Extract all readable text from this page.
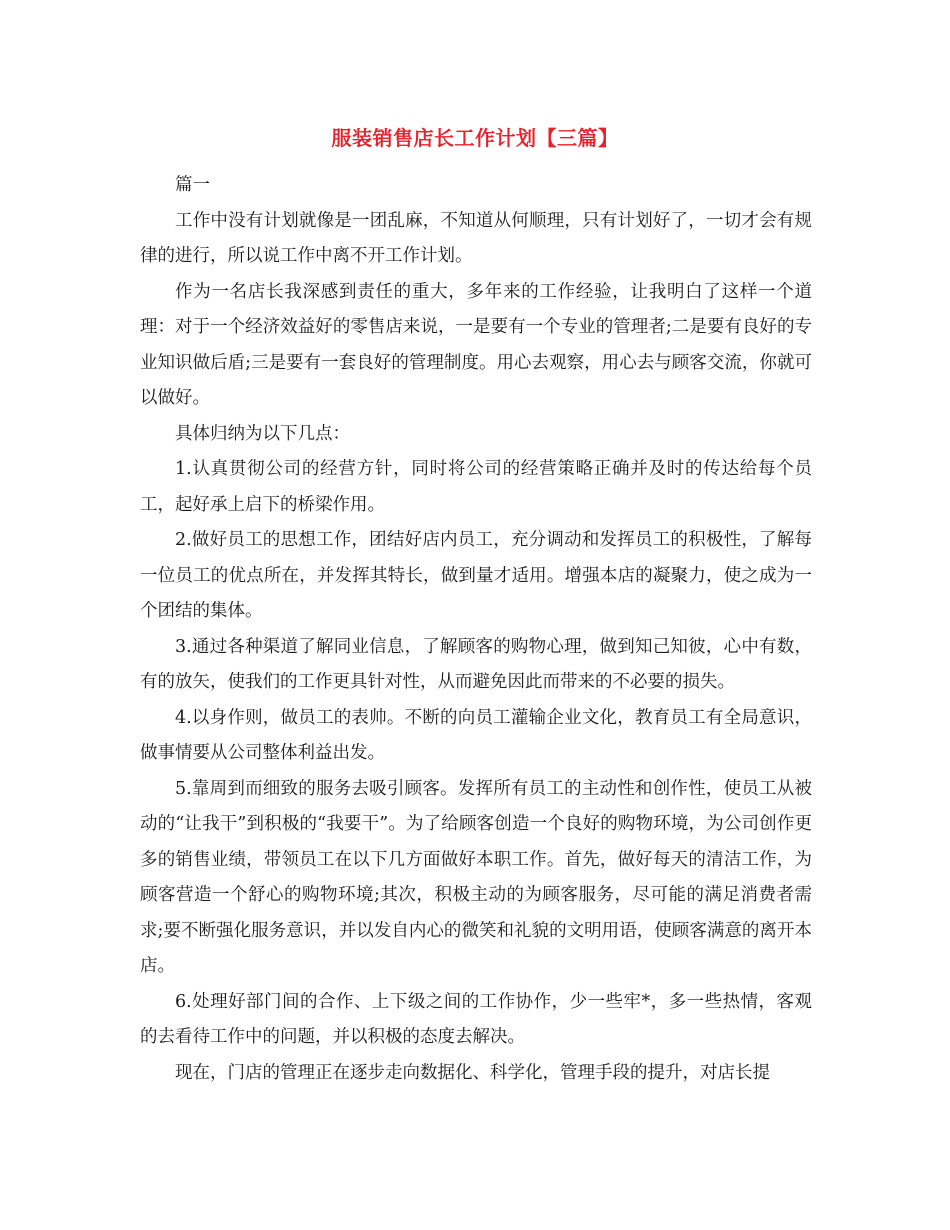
服装销售店长工作计划【三篇】

篇一

工作中没有计划就像是一团乱麻，不知道从何顺理，只有计划好了，一切才会有规律的进行，所以说工作中离不开工作计划。

作为一名店长我深感到责任的重大，多年来的工作经验，让我明白了这样一个道理：对于一个经济效益好的零售店来说，一是要有一个专业的管理者;二是要有良好的专业知识做后盾;三是要有一套良好的管理制度。用心去观察，用心去与顾客交流，你就可以做好。

具体归纳为以下几点：

1.认真贯彻公司的经营方针，同时将公司的经营策略正确并及时的传达给每个员工，起好承上启下的桥梁作用。

2.做好员工的思想工作，团结好店内员工，充分调动和发挥员工的积极性，了解每一位员工的优点所在，并发挥其特长，做到量才适用。增强本店的凝聚力，使之成为一个团结的集体。

3.通过各种渠道了解同业信息，了解顾客的购物心理，做到知己知彼，心中有数，有的放矢，使我们的工作更具针对性，从而避免因此而带来的不必要的损失。

4.以身作则，做员工的表帅。不断的向员工灌输企业文化，教育员工有全局意识，做事情要从公司整体利益出发。

5.靠周到而细致的服务去吸引顾客。发挥所有员工的主动性和创作性，使员工从被动的“让我干”到积极的“我要干”。为了给顾客创造一个良好的购物环境，为公司创作更多的销售业绩，带领员工在以下几方面做好本职工作。首先，做好每天的清洁工作，为顾客营造一个舒心的购物环境;其次，积极主动的为顾客服务，尽可能的满足消费者需求;要不断强化服务意识，并以发自内心的微笑和礼貌的文明用语，使顾客满意的离开本店。

6.处理好部门间的合作、上下级之间的工作协作，少一些牢*，多一些热情，客观的去看待工作中的问题，并以积极的态度去解决。

现在，门店的管理正在逐步走向数据化、科学化，管理手段的提升，对店长提
